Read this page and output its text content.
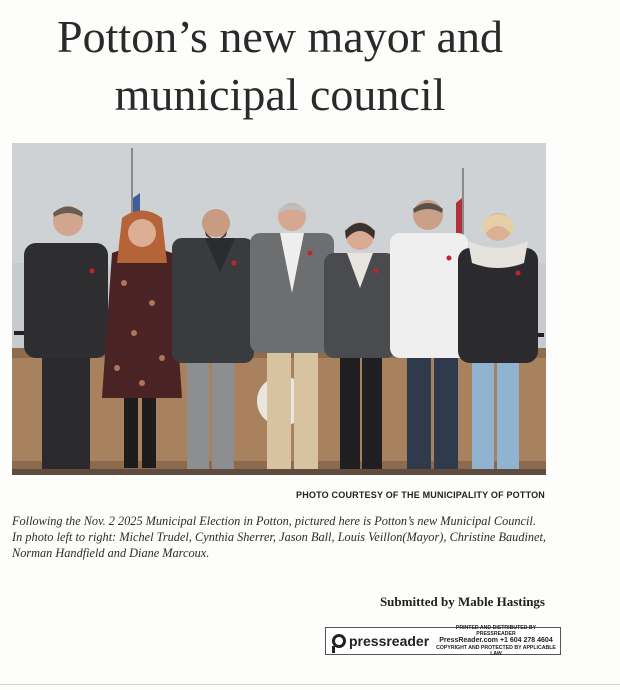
Potton’s new mayor and municipal council
PHOTO COURTESY OF THE MUNICIPALITY OF POTTON

Following the Nov. 2 2025 Municipal Election in Potton, pictured here is Potton’s new Municipal Council.

In photo left to right: Michel Trudel, Cynthia Sherrer, Jason Ball, Louis Veillon(Mayor), Christine Baudinet, Norman Handfield and Diane Marcoux.

Submitted by Mable Hastings
pressreader
PRINTED AND DISTRIBUTED BY PRESSREADER
PressReader.com +1 604 278 4604
COPYRIGHT AND PROTECTED BY APPLICABLE LAW
